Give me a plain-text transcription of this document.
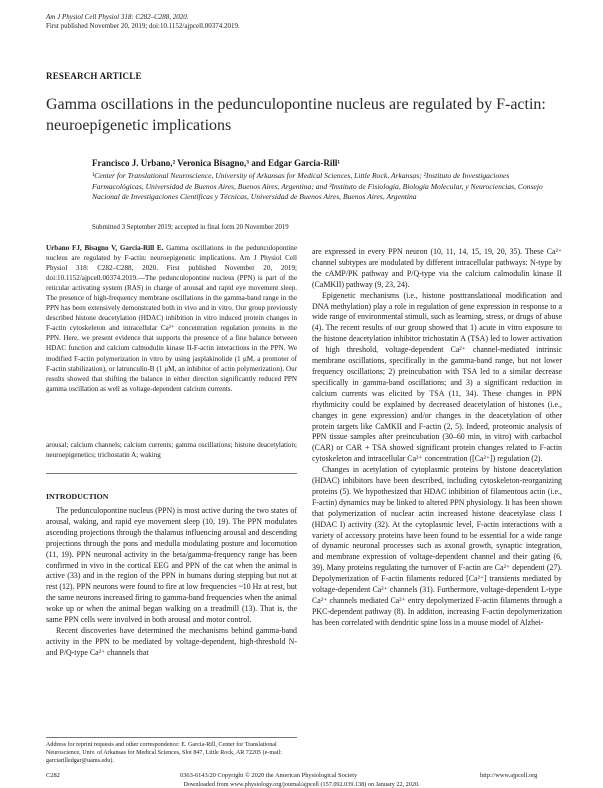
Am J Physiol Cell Physiol 318: C282–C288, 2020.
First published November 20, 2019; doi:10.1152/ajpcell.00374.2019.
RESEARCH ARTICLE
Gamma oscillations in the pedunculopontine nucleus are regulated by F-actin: neuroepigenetic implications
Francisco J. Urbano,² Veronica Bisagno,³ and Edgar Garcia-Rill¹
¹Center for Translational Neuroscience, University of Arkansas for Medical Sciences, Little Rock, Arkansas; ²Instituto de Investigaciones Farmacológicas, Universidad de Buenos Aires, Buenos Aires, Argentina; and ³Instituto de Fisiología, Biología Molecular, y Neurociencias, Consejo Nacional de Investigaciones Científicas y Técnicas, Universidad de Buenos Aires, Buenos Aires, Argentina
Submitted 3 September 2019; accepted in final form 20 November 2019
Urbano FJ, Bisagno V, Garcia-Rill E. Gamma oscillations in the pedunculopontine nucleus are regulated by F-actin: neuroepigenetic implications. Am J Physiol Cell Physiol 318: C282–C288, 2020. First published November 20, 2019; doi:10.1152/ajpcell.00374.2019.—The pedunculopontine nucleus (PPN) is part of the reticular activating system (RAS) in charge of arousal and rapid eye movement sleep. The presence of high-frequency membrane oscillations in the gamma-band range in the PPN has been extensively demonstrated both in vivo and in vitro. Our group previously described histone deacetylation (HDAC) inhibition in vitro induced protein changes in F-actin cytoskeleton and intracellular Ca²⁺ concentration regulation proteins in the PPN. Here, we present evidence that supports the presence of a fine balance between HDAC function and calcium calmodulin kinase II-F-actin interactions in the PPN. We modified F-actin polymerization in vitro by using jasplakinolide (1 μM, a promoter of F-actin stabilization), or latrunculin-B (1 μM, an inhibitor of actin polymerization). Our results showed that shifting the balance in either direction significantly reduced PPN gamma oscillation as well as voltage-dependent calcium currents.
arousal; calcium channels; calcium currents; gamma oscillations; histone deacetylation; neuroepigenetics; trichostatin A; waking
INTRODUCTION

The pedunculopontine nucleus (PPN) is most active during the two states of arousal, waking, and rapid eye movement sleep (10, 19). The PPN modulates ascending projections through the thalamus influencing arousal and descending projections through the pons and medulla modulating posture and locomotion (11, 19). PPN neuronal activity in the beta/gamma-frequency range has been confirmed in vivo in the cortical EEG and PPN of the cat when the animal is active (33) and in the region of the PPN in humans during stepping but not at rest (12). PPN neurons were found to fire at low frequencies ~10 Hz at rest, but the same neurons increased firing to gamma-band frequencies when the animal woke up or when the animal began walking on a treadmill (13). That is, the same PPN cells were involved in both arousal and motor control.

Recent discoveries have determined the mechanisms behind gamma-band activity in the PPN to be mediated by voltage-dependent, high-threshold N- and P/Q-type Ca²⁺ channels that

are expressed in every PPN neuron (10, 11, 14, 15, 19, 20, 35). These Ca²⁺ channel subtypes are modulated by different intracellular pathways: N-type by the cAMP/PK pathway and P/Q-type via the calcium calmodulin kinase II (CaMKII) pathway (9, 23, 24).

Epigenetic mechanisms (i.e., histone posttranslational modification and DNA methylation) play a role in regulation of gene expression in response to a wide range of environmental stimuli, such as learning, stress, or drugs of abuse (4). The recent results of our group showed that 1) acute in vitro exposure to the histone deacetylation inhibitor trichostatin A (TSA) led to lower activation of high threshold, voltage-dependent Ca²⁺ channel-mediated intrinsic membrane oscillations, specifically in the gamma-band range, but not lower frequency oscillations; 2) preincubation with TSA led to a similar decrease specifically in gamma-band oscillations; and 3) a significant reduction in calcium currents was elicited by TSA (11, 34). These changes in PPN rhythmicity could be explained by decreased deacetylation of histones (i.e., changes in gene expression) and/or changes in the deacetylation of other protein targets like CaMKII and F-actin (2, 5). Indeed, proteomic analysis of PPN tissue samples after preincubation (30–60 min, in vitro) with carbachol (CAR) or CAR + TSA showed significant protein changes related to F-actin cytoskeleton and intracellular Ca²⁺ concentration ([Ca²⁺]) regulation (2).

Changes in acetylation of cytoplasmic proteins by histone deacetylation (HDAC) inhibitors have been described, including cytoskeleton-reorganizing proteins (5). We hypothesized that HDAC inhibition of filamentous actin (i.e., F-actin) dynamics may be linked to altered PPN physiology. It has been shown that polymerization of nuclear actin increased histone deacetylase class I (HDAC I) activity (32). At the cytoplasmic level, F-actin interactions with a variety of accessory proteins have been found to be essential for a wide range of dynamic neuronal processes such as axonal growth, synaptic integration, and membrane expression of voltage-dependent channel and their gating (6, 39). Many proteins regulating the turnover of F-actin are Ca²⁺ dependent (27). Depolymerization of F-actin filaments reduced [Ca²⁺] transients mediated by voltage-dependent Ca²⁺ channels (31). Furthermore, voltage-dependent L-type Ca²⁺ channels mediated Ca²⁺ entry depolymerized F-actin filaments through a PKC-dependent pathway (8). In addition, increasing F-actin depolymerization has been correlated with dendritic spine loss in a mouse model of Alzhei-

Address for reprint requests and other correspondence: E. Garcia-Rill, Center for Translational Neuroscience, Univ. of Arkansas for Medical Sciences, Slot 847, Little Rock, AR 72205 (e-mail: garciarilledgar@uams.edu).
C282	0363-6143/20 Copyright © 2020 the American Physiological Society	http://www.ajpcell.org
Downloaded from www.physiology.org/journal/ajpcell (157.092.039.138) on January 22, 2020.
